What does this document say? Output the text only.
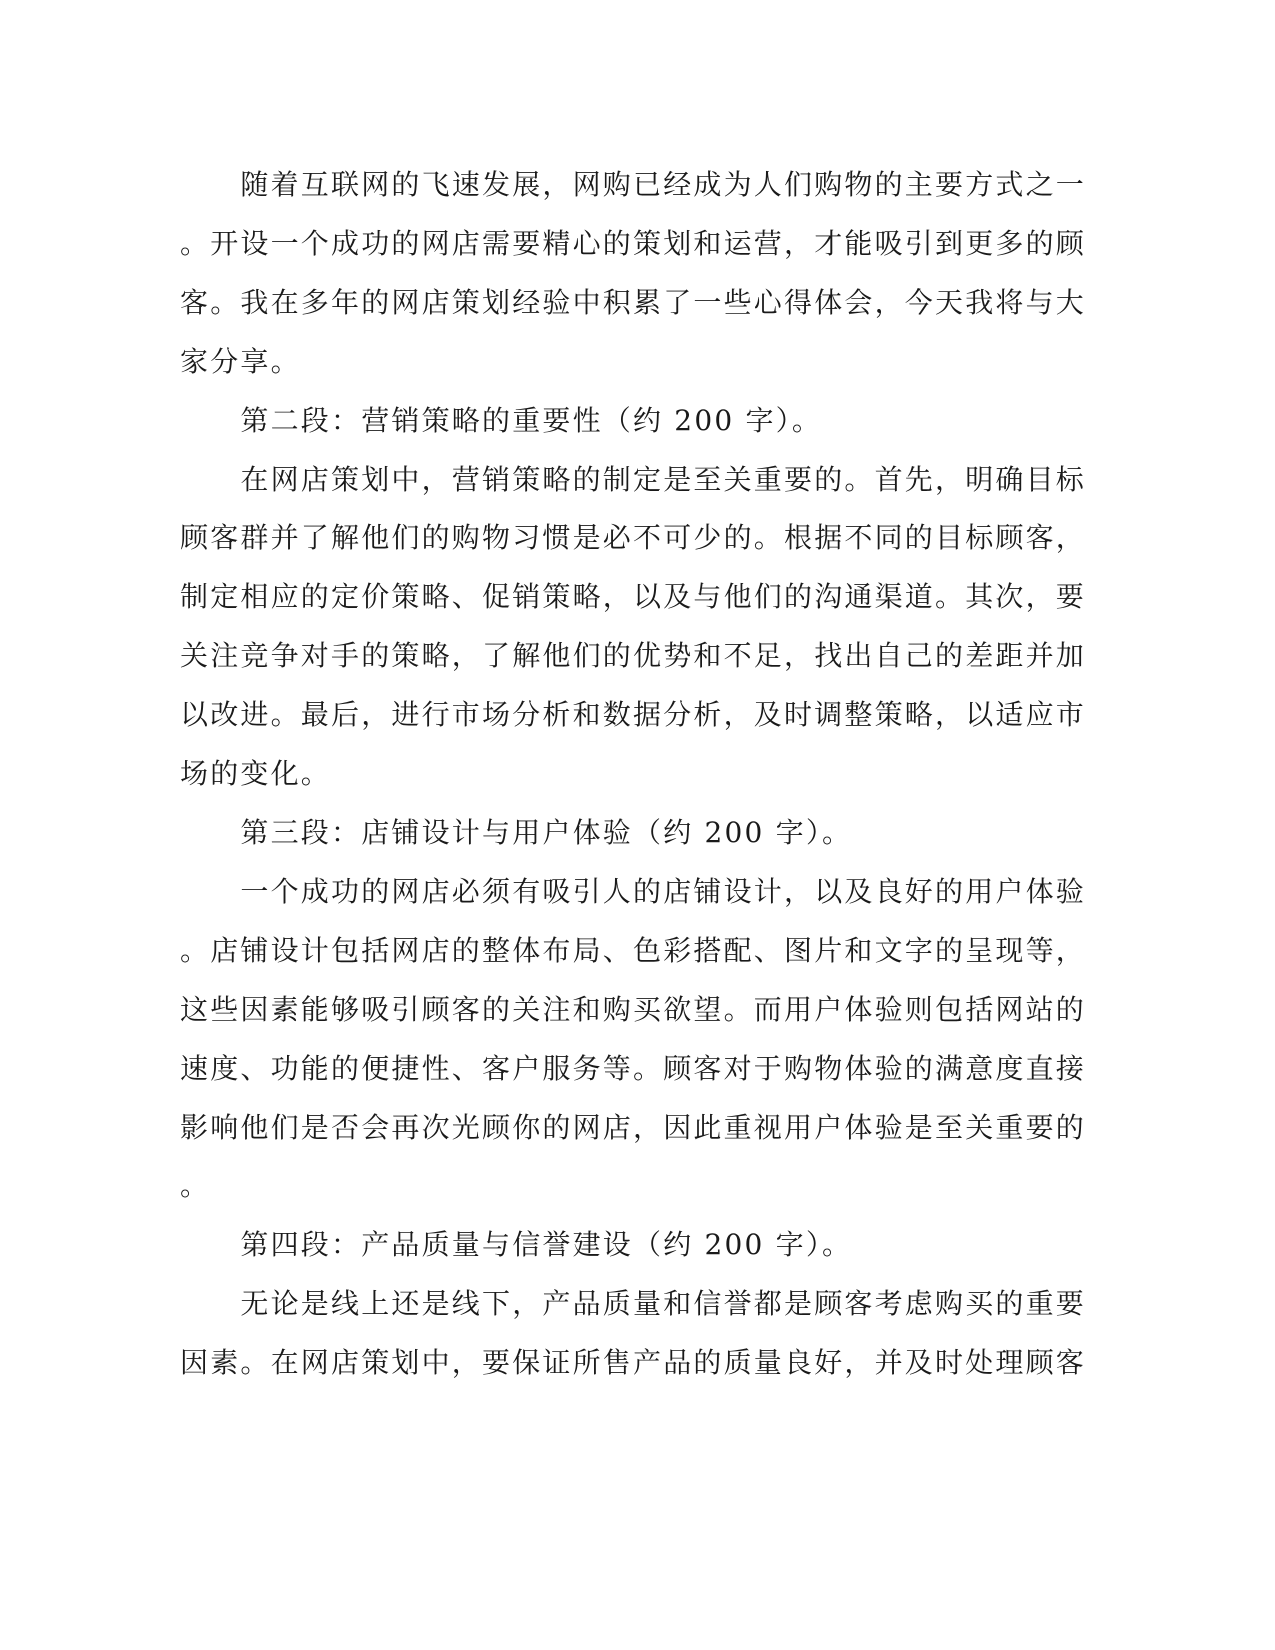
　　随着互联网的飞速发展，网购已经成为人们购物的主要方式之一

。开设一个成功的网店需要精心的策划和运营，才能吸引到更多的顾

客。我在多年的网店策划经验中积累了一些心得体会，今天我将与大

家分享。

　　第二段：营销策略的重要性（约 200 字）。

　　在网店策划中，营销策略的制定是至关重要的。首先，明确目标

顾客群并了解他们的购物习惯是必不可少的。根据不同的目标顾客，

制定相应的定价策略、促销策略，以及与他们的沟通渠道。其次，要

关注竞争对手的策略，了解他们的优势和不足，找出自己的差距并加

以改进。最后，进行市场分析和数据分析，及时调整策略，以适应市

场的变化。

　　第三段：店铺设计与用户体验（约 200 字）。

　　一个成功的网店必须有吸引人的店铺设计，以及良好的用户体验

。店铺设计包括网店的整体布局、色彩搭配、图片和文字的呈现等，

这些因素能够吸引顾客的关注和购买欲望。而用户体验则包括网站的

速度、功能的便捷性、客户服务等。顾客对于购物体验的满意度直接

影响他们是否会再次光顾你的网店，因此重视用户体验是至关重要的

。

　　第四段：产品质量与信誉建设（约 200 字）。

　　无论是线上还是线下，产品质量和信誉都是顾客考虑购买的重要

因素。在网店策划中，要保证所售产品的质量良好，并及时处理顾客
